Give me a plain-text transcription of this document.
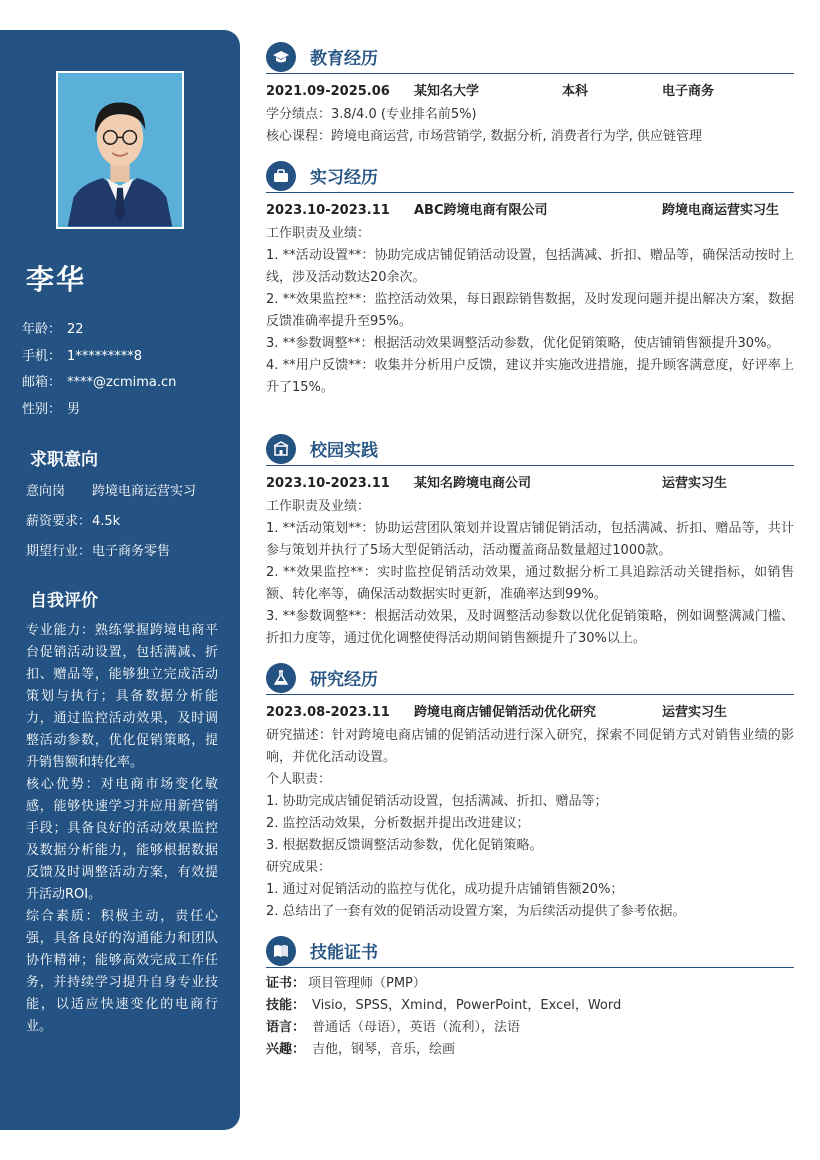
李华
年龄： 22
手机： 1*********8
邮箱： ****@zcmima.cn
性别： 男
求职意向
意向岗	跨境电商运营实习
薪资要求： 4.5k
期望行业： 电子商务零售
自我评价

专业能力：熟练掌握跨境电商平台促销活动设置，包括满减、折扣、赠品等，能够独立完成活动策划与执行；具备数据分析能力，通过监控活动效果，及时调整活动参数，优化促销策略，提升销售额和转化率。

核心优势：对电商市场变化敏感，能够快速学习并应用新营销手段；具备良好的活动效果监控及数据分析能力，能够根据数据反馈及时调整活动方案，有效提升活动ROI。

综合素质：积极主动，责任心强，具备良好的沟通能力和团队协作精神；能够高效完成工作任务，并持续学习提升自身专业技能，以适应快速变化的电商行业。

教育经历
2021.09-2025.06	某知名大学	本科	电子商务

学分绩点：3.8/4.0 (专业排名前5%)

核心课程：跨境电商运营, 市场营销学, 数据分析, 消费者行为学, 供应链管理

实习经历
2023.10-2023.11	ABC跨境电商有限公司	跨境电商运营实习生

工作职责及业绩：

1. **活动设置**：协助完成店铺促销活动设置，包括满减、折扣、赠品等，确保活动按时上线，涉及活动数达20余次。

2. **效果监控**：监控活动效果，每日跟踪销售数据，及时发现问题并提出解决方案，数据反馈准确率提升至95%。

3. **参数调整**：根据活动效果调整活动参数，优化促销策略，使店铺销售额提升30%。

4. **用户反馈**：收集并分析用户反馈，建议并实施改进措施，提升顾客满意度，好评率上升了15%。

校园实践
2023.10-2023.11	某知名跨境电商公司	运营实习生

工作职责及业绩：

1. **活动策划**：协助运营团队策划并设置店铺促销活动，包括满减、折扣、赠品等，共计参与策划并执行了5场大型促销活动，活动覆盖商品数量超过1000款。

2. **效果监控**：实时监控促销活动效果，通过数据分析工具追踪活动关键指标，如销售额、转化率等，确保活动数据实时更新，准确率达到99%。

3. **参数调整**：根据活动效果，及时调整活动参数以优化促销策略，例如调整满减门槛、折扣力度等，通过优化调整使得活动期间销售额提升了30%以上。

研究经历
2023.08-2023.11	跨境电商店铺促销活动优化研究	运营实习生

研究描述：针对跨境电商店铺的促销活动进行深入研究，探索不同促销方式对销售业绩的影响，并优化活动设置。

个人职责：

1. 协助完成店铺促销活动设置，包括满减、折扣、赠品等；

2. 监控活动效果，分析数据并提出改进建议；

3. 根据数据反馈调整活动参数，优化促销策略。

研究成果：

1. 通过对促销活动的监控与优化，成功提升店铺销售额20%；

2. 总结出了一套有效的促销活动设置方案，为后续活动提供了参考依据。

技能证书
证书： 项目管理师（PMP）
技能： Visio，SPSS，Xmind，PowerPoint，Excel，Word
语言： 普通话（母语），英语（流利），法语
兴趣： 吉他，钢琴，音乐，绘画
